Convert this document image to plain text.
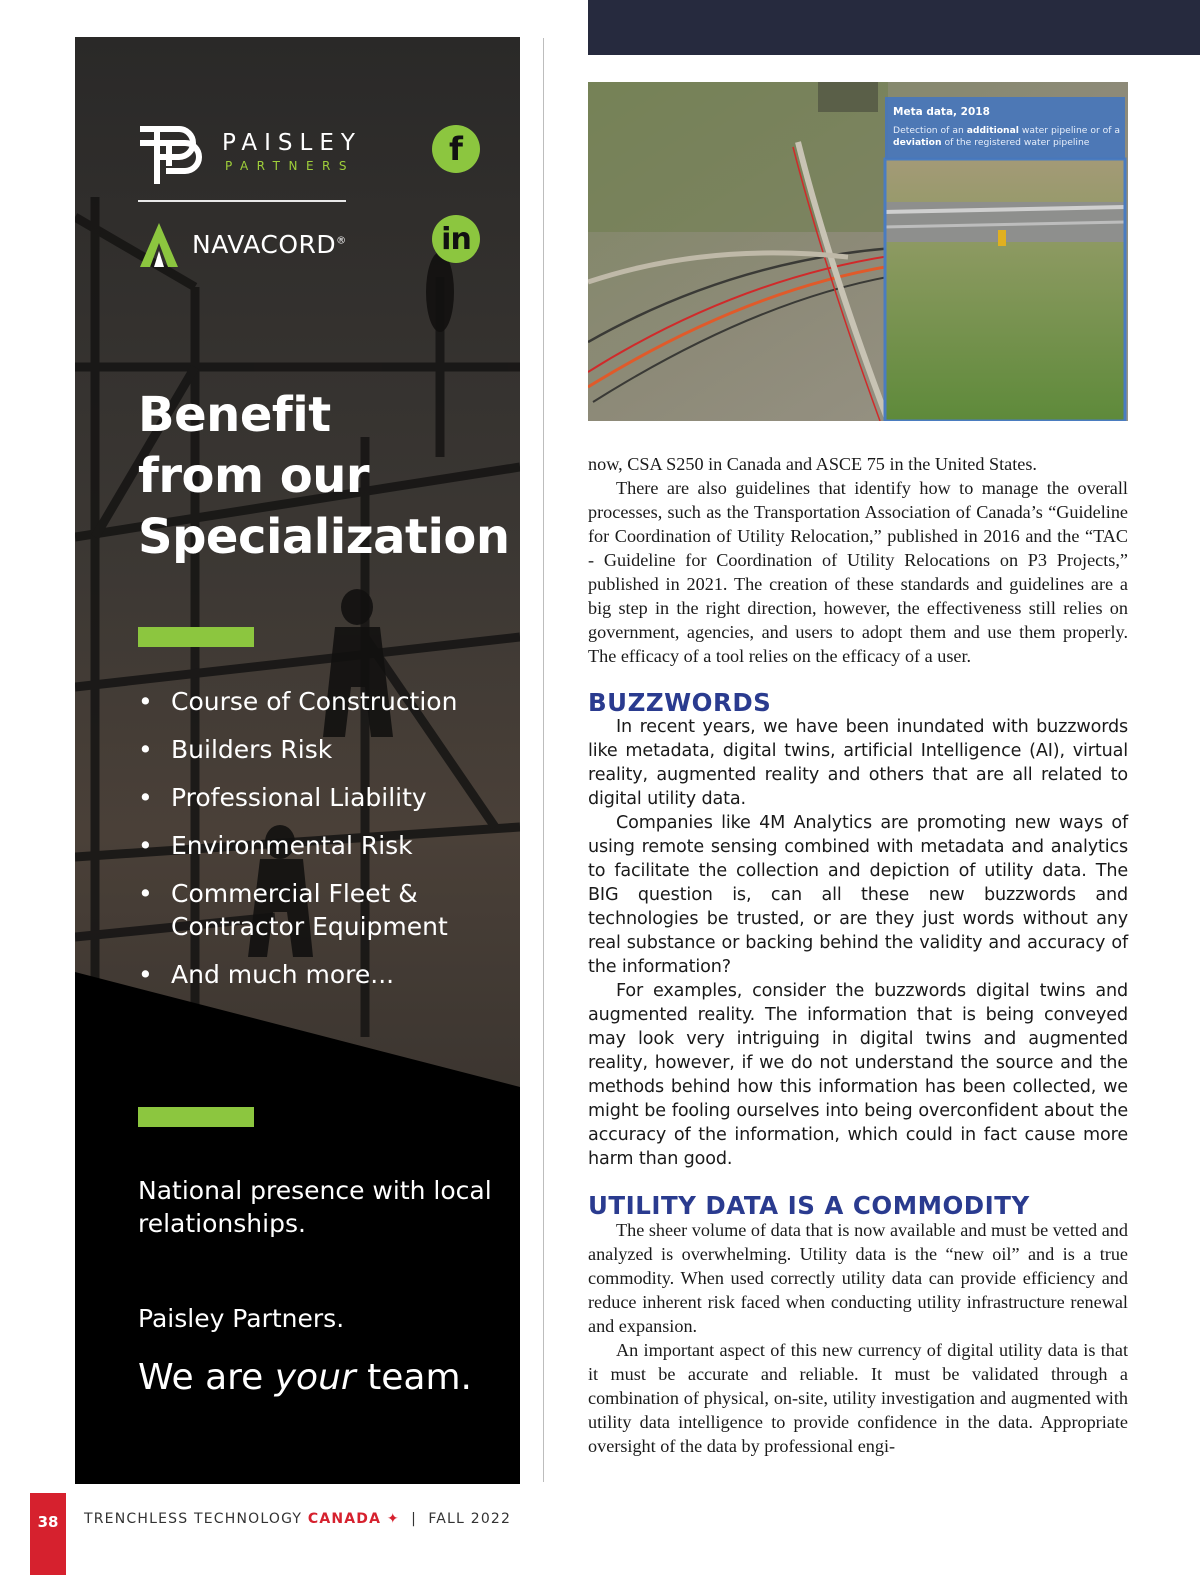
PAISLEY
PARTNERS
NAVACORD®
f
in
Benefit
from our
Specialization
• Course of Construction
• Builders Risk
• Professional Liability
• Environmental Risk
• Commercial Fleet & Contractor Equipment
• And much more...
National presence with local relationships.
Paisley Partners.
We are your team.
Meta data, 2018
Detection of an additional water pipeline or of a deviation of the registered water pipeline

now, CSA S250 in Canada and ASCE 75 in the United States.

There are also guidelines that identify how to manage the overall processes, such as the Transportation Association of Canada’s “Guideline for Coordination of Utility Relocation,” published in 2016 and the “TAC - Guideline for Coordination of Utility Relocations on P3 Projects,” published in 2021. The creation of these standards and guidelines are a big step in the right direction, however, the effectiveness still relies on government, agencies, and users to adopt them and use them properly. The efficacy of a tool relies on the efficacy of a user.

BUZZWORDS

In recent years, we have been inundated with buzzwords like metadata, digital twins, artificial Intelligence (AI), virtual reality, augmented reality and others that are all related to digital utility data.

Companies like 4M Analytics are promoting new ways of using remote sensing combined with metadata and analytics to facilitate the collection and depiction of utility data. The BIG question is, can all these new buzzwords and technologies be trusted, or are they just words without any real substance or backing behind the validity and accuracy of the information?

For examples, consider the buzzwords digital twins and augmented reality. The information that is being conveyed may look very intriguing in digital twins and augmented reality, however, if we do not understand the source and the methods behind how this information has been collected, we might be fooling ourselves into being overconfident about the accuracy of the information, which could in fact cause more harm than good.

UTILITY DATA IS A COMMODITY

The sheer volume of data that is now available and must be vetted and analyzed is overwhelming. Utility data is the “new oil” and is a true commodity. When used correctly utility data can provide efficiency and reduce inherent risk faced when conducting utility infrastructure renewal and expansion.

An important aspect of this new currency of digital utility data is that it must be accurate and reliable. It must be validated through a combination of physical, on-site, utility investigation and augmented with utility data intelligence to provide confidence in the data. Appropriate oversight of the data by professional engi-

38	TRENCHLESS TECHNOLOGY CANADA ✦ | FALL 2022
